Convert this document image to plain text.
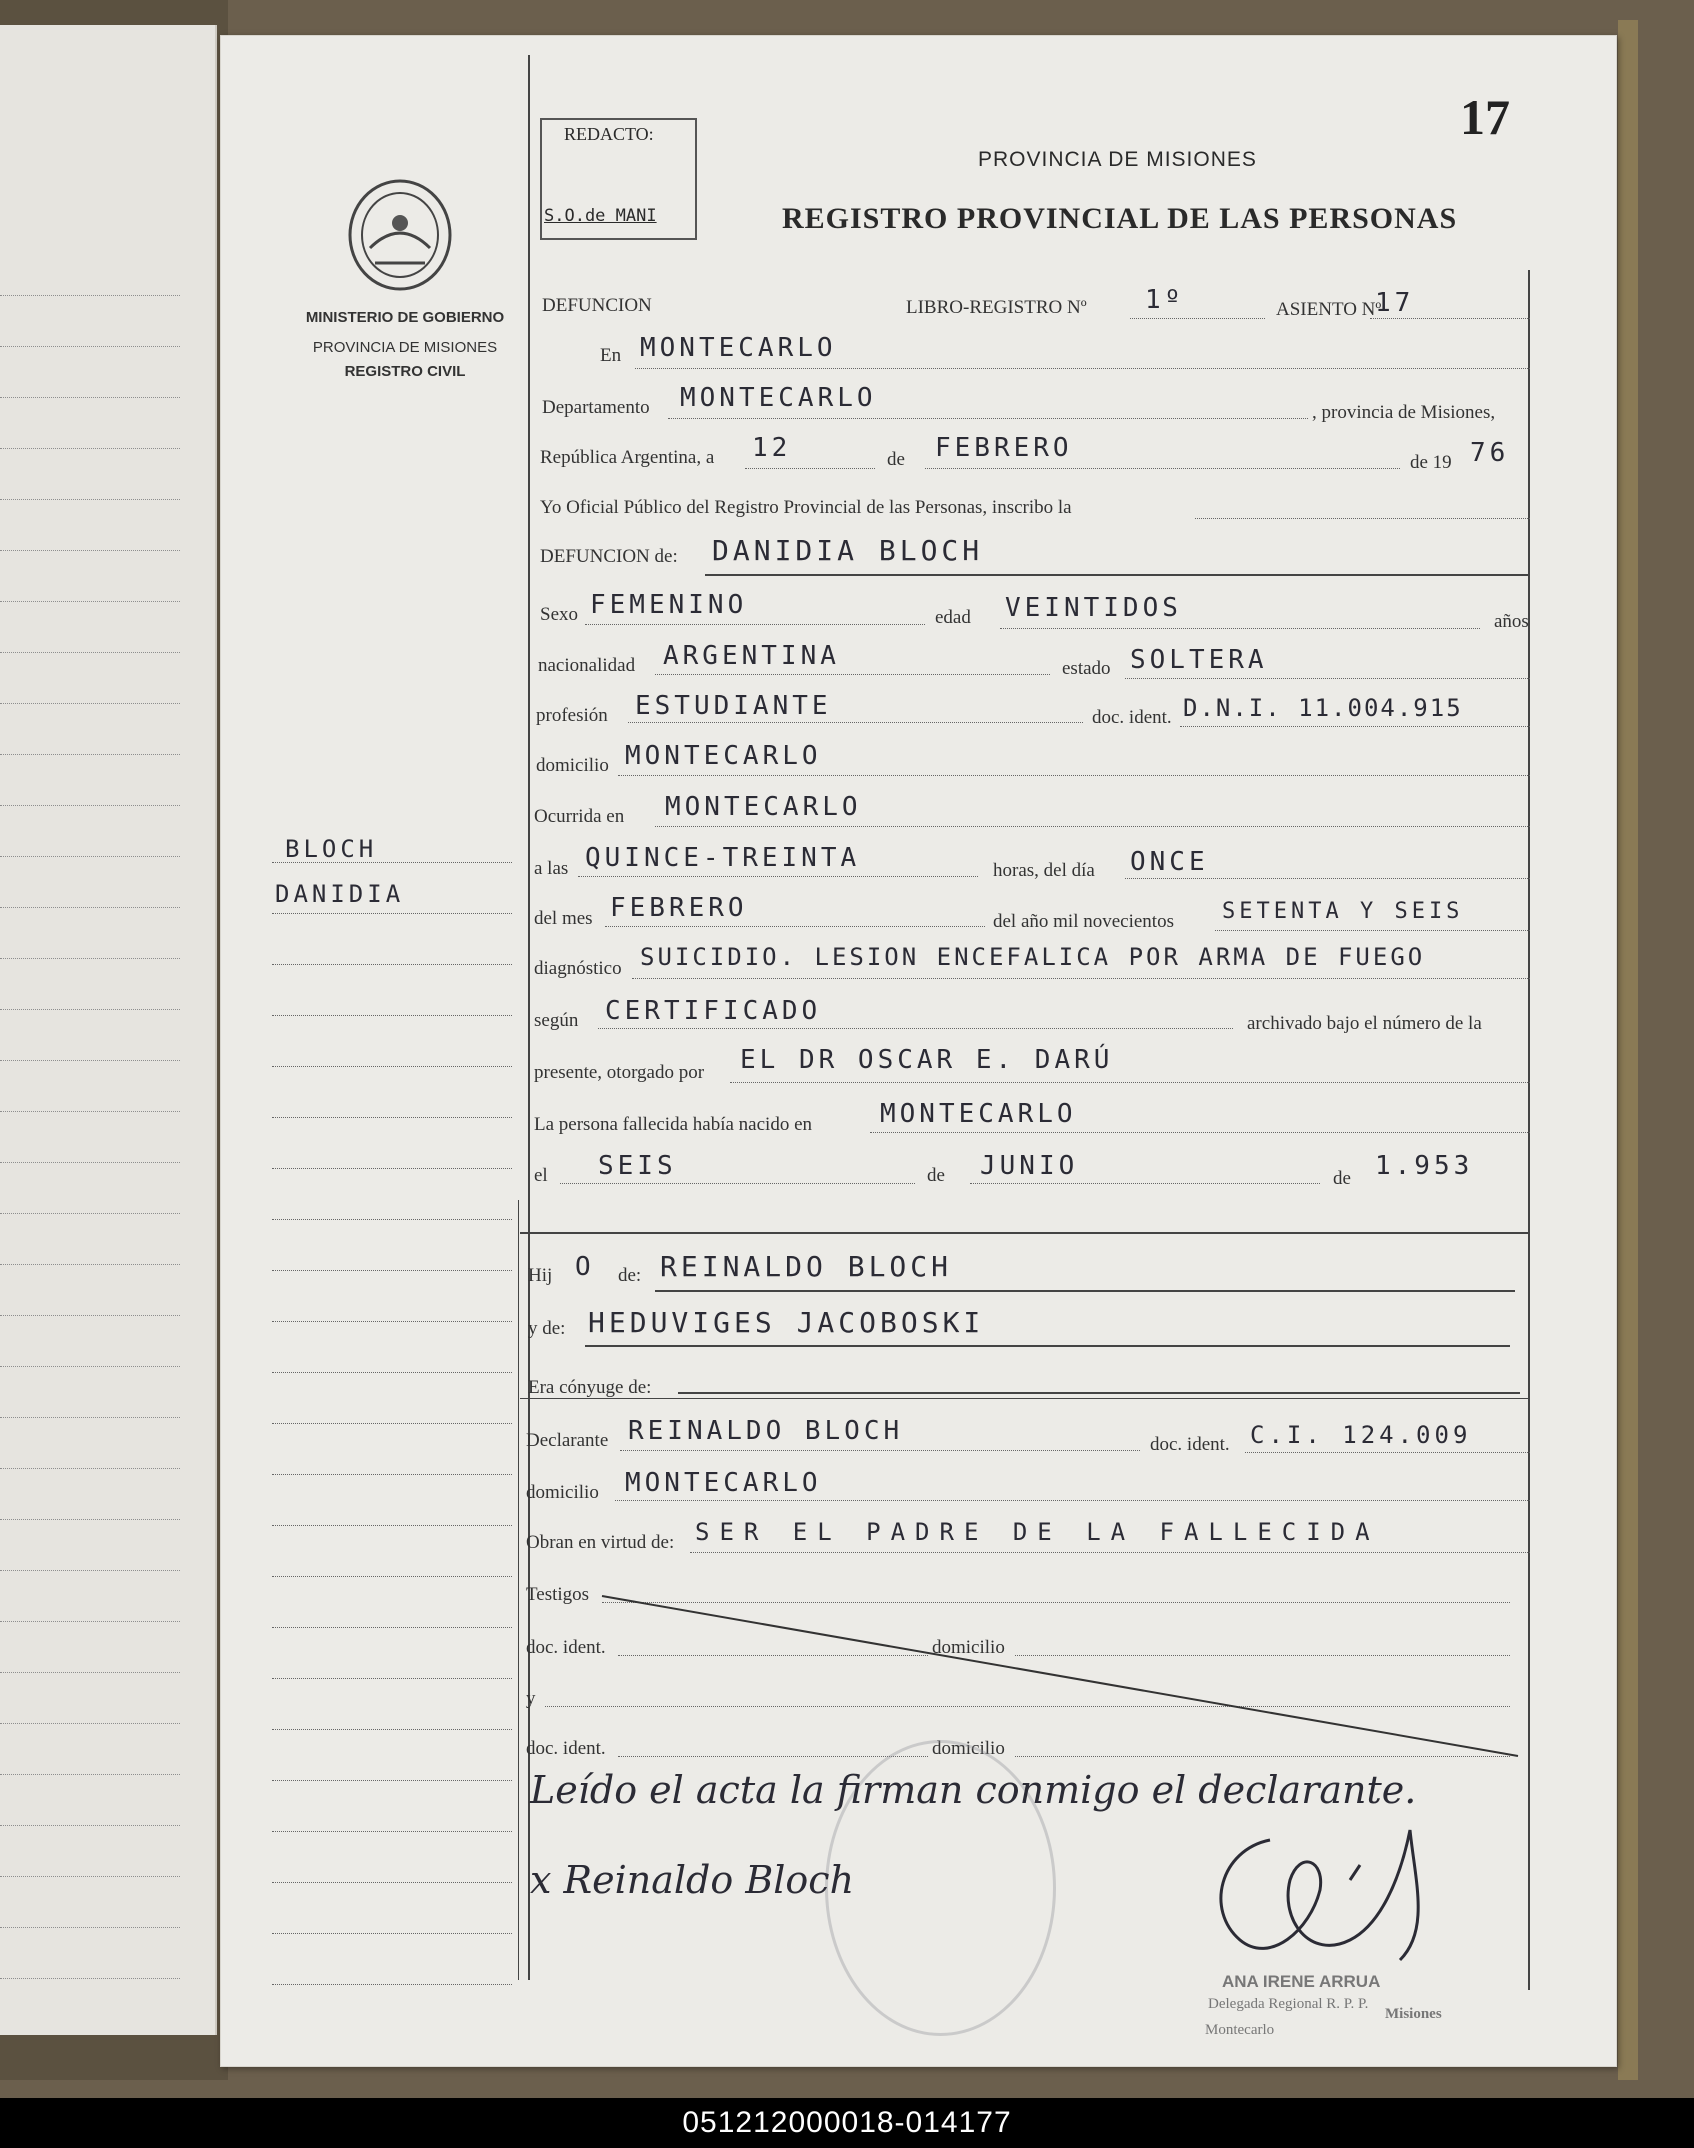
17
REDACTO:
S.O.de MANI
PROVINCIA DE MISIONES
REGISTRO PROVINCIAL DE LAS PERSONAS
MINISTERIO DE GOBIERNO
PROVINCIA DE MISIONES
REGISTRO CIVIL
BLOCH
DANIDIA
DEFUNCION	LIBRO-REGISTRO Nº 1º	ASIENTO Nº
17
En MONTECARLO
Departamento MONTECARLO	, provincia de Misiones,
República Argentina, a 12	de FEBRERO	de 19 76
Yo Oficial Público del Registro Provincial de las Personas, inscribo la
DEFUNCION de: DANIDIA BLOCH
Sexo FEMENINO	edad VEINTIDOS	años
nacionalidad ARGENTINA	estado SOLTERA
profesión ESTUDIANTE	doc. ident. D.N.I. 11.004.915
domicilio MONTECARLO
Ocurrida en MONTECARLO
a las QUINCE-TREINTA	horas, del día ONCE
del mes FEBRERO	del año mil novecientos SETENTA Y SEIS
diagnóstico SUICIDIO. LESION ENCEFALICA POR ARMA DE FUEGO
según CERTIFICADO	archivado bajo el número de la
presente, otorgado por EL DR OSCAR E. DARÚ
La persona fallecida había nacido en	MONTECARLO
el SEIS	de JUNIO	de 1.953
Hij O de: REINALDO BLOCH
y de: HEDUVIGES JACOBOSKI
Era cónyuge de:
Declarante REINALDO BLOCH	doc. ident. C.I. 124.009
domicilio MONTECARLO
Obran en virtud de: SER EL PADRE DE LA FALLECIDA
Testigos
doc. ident.	domicilio
y
doc. ident.	domicilio
Leído el acta la firman conmigo el declarante.
x Reinaldo Bloch
ANA IRENE ARRUA
Delegada Regional R. P. P.
Montecarlo
Misiones
051212000018-014177
